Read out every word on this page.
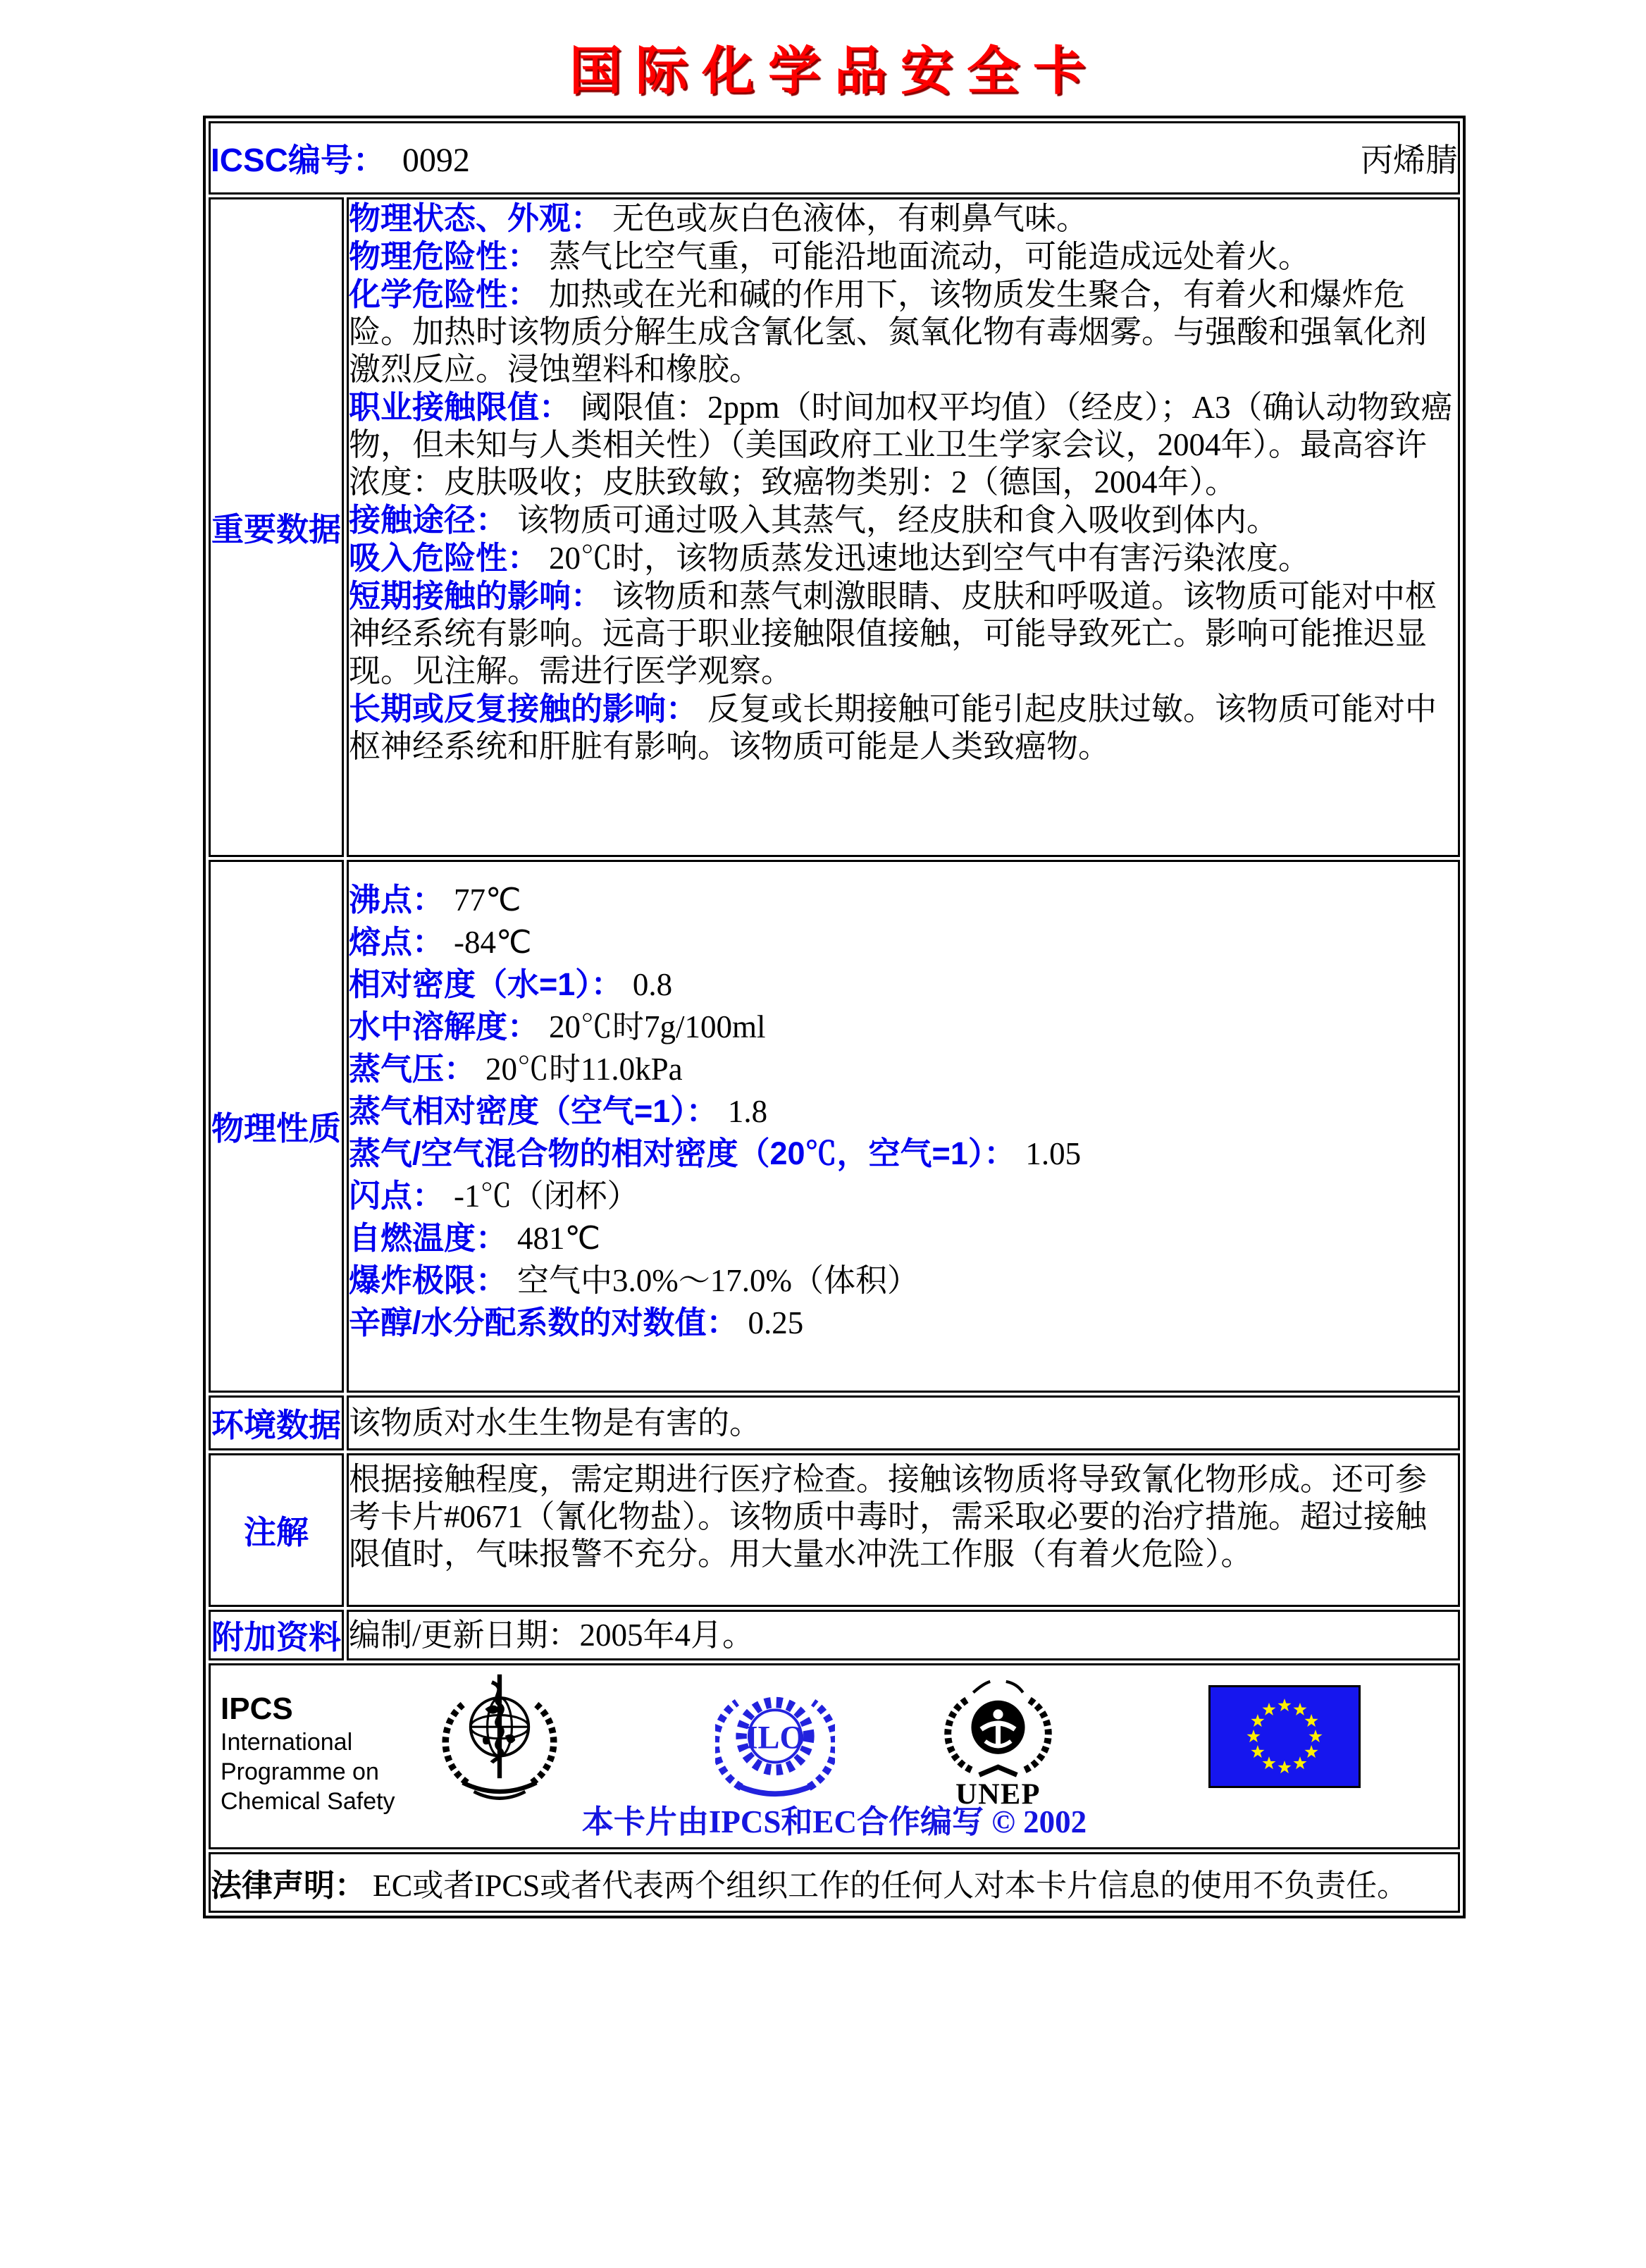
国际化学品安全卡
ICSC编号： 0092 丙烯腈	

重要数据	
物理状态、外观： 无色或灰白色液体，有刺鼻气味。
物理危险性： 蒸气比空气重，可能沿地面流动，可能造成远处着火。
化学危险性： 加热或在光和碱的作用下，该物质发生聚合，有着火和爆炸危险。加热时该物质分解生成含氰化氢、氮氧化物有毒烟雾。与强酸和强氧化剂激烈反应。浸蚀塑料和橡胶。
职业接触限值： 阈限值：2ppm（时间加权平均值）（经皮）；A3（确认动物致癌物，但未知与人类相关性）（美国政府工业卫生学家会议，2004年）。最高容许浓度：皮肤吸收；皮肤致敏；致癌物类别：2（德国，2004年）。
接触途径： 该物质可通过吸入其蒸气，经皮肤和食入吸收到体内。
吸入危险性： 20℃时，该物质蒸发迅速地达到空气中有害污染浓度。
短期接触的影响： 该物质和蒸气刺激眼睛、皮肤和呼吸道。该物质可能对中枢神经系统有影响。远高于职业接触限值接触，可能导致死亡。影响可能推迟显现。见注解。需进行医学观察。
长期或反复接触的影响： 反复或长期接触可能引起皮肤过敏。该物质可能对中枢神经系统和肝脏有影响。该物质可能是人类致癌物。

物理性质	
沸点： 77℃
熔点： -84℃
相对密度（水=1）： 0.8
水中溶解度： 20℃时7g/100ml
蒸气压： 20℃时11.0kPa
蒸气相对密度（空气=1）： 1.8
蒸气/空气混合物的相对密度（20℃，空气=1）： 1.05
闪点： -1℃（闭杯）
自燃温度： 481℃
爆炸极限： 空气中3.0%～17.0%（体积）
辛醇/水分配系数的对数值： 0.25

环境数据	该物质对水生生物是有害的。
注解	根据接触程度，需定期进行医疗检查。接触该物质将导致氰化物形成。还可参考卡片#0671（氰化物盐）。该物质中毒时，需采取必要的治疗措施。超过接触限值时，气味报警不充分。用大量水冲洗工作服（有着火危险）。
附加资料	编制/更新日期：2005年4月。

IPCS
International
Programme on
Chemical Safety
ILO
UNEP
本卡片由IPCS和EC合作编写 © 2002

法律声明： EC或者IPCS或者代表两个组织工作的任何人对本卡片信息的使用不负责任。	
